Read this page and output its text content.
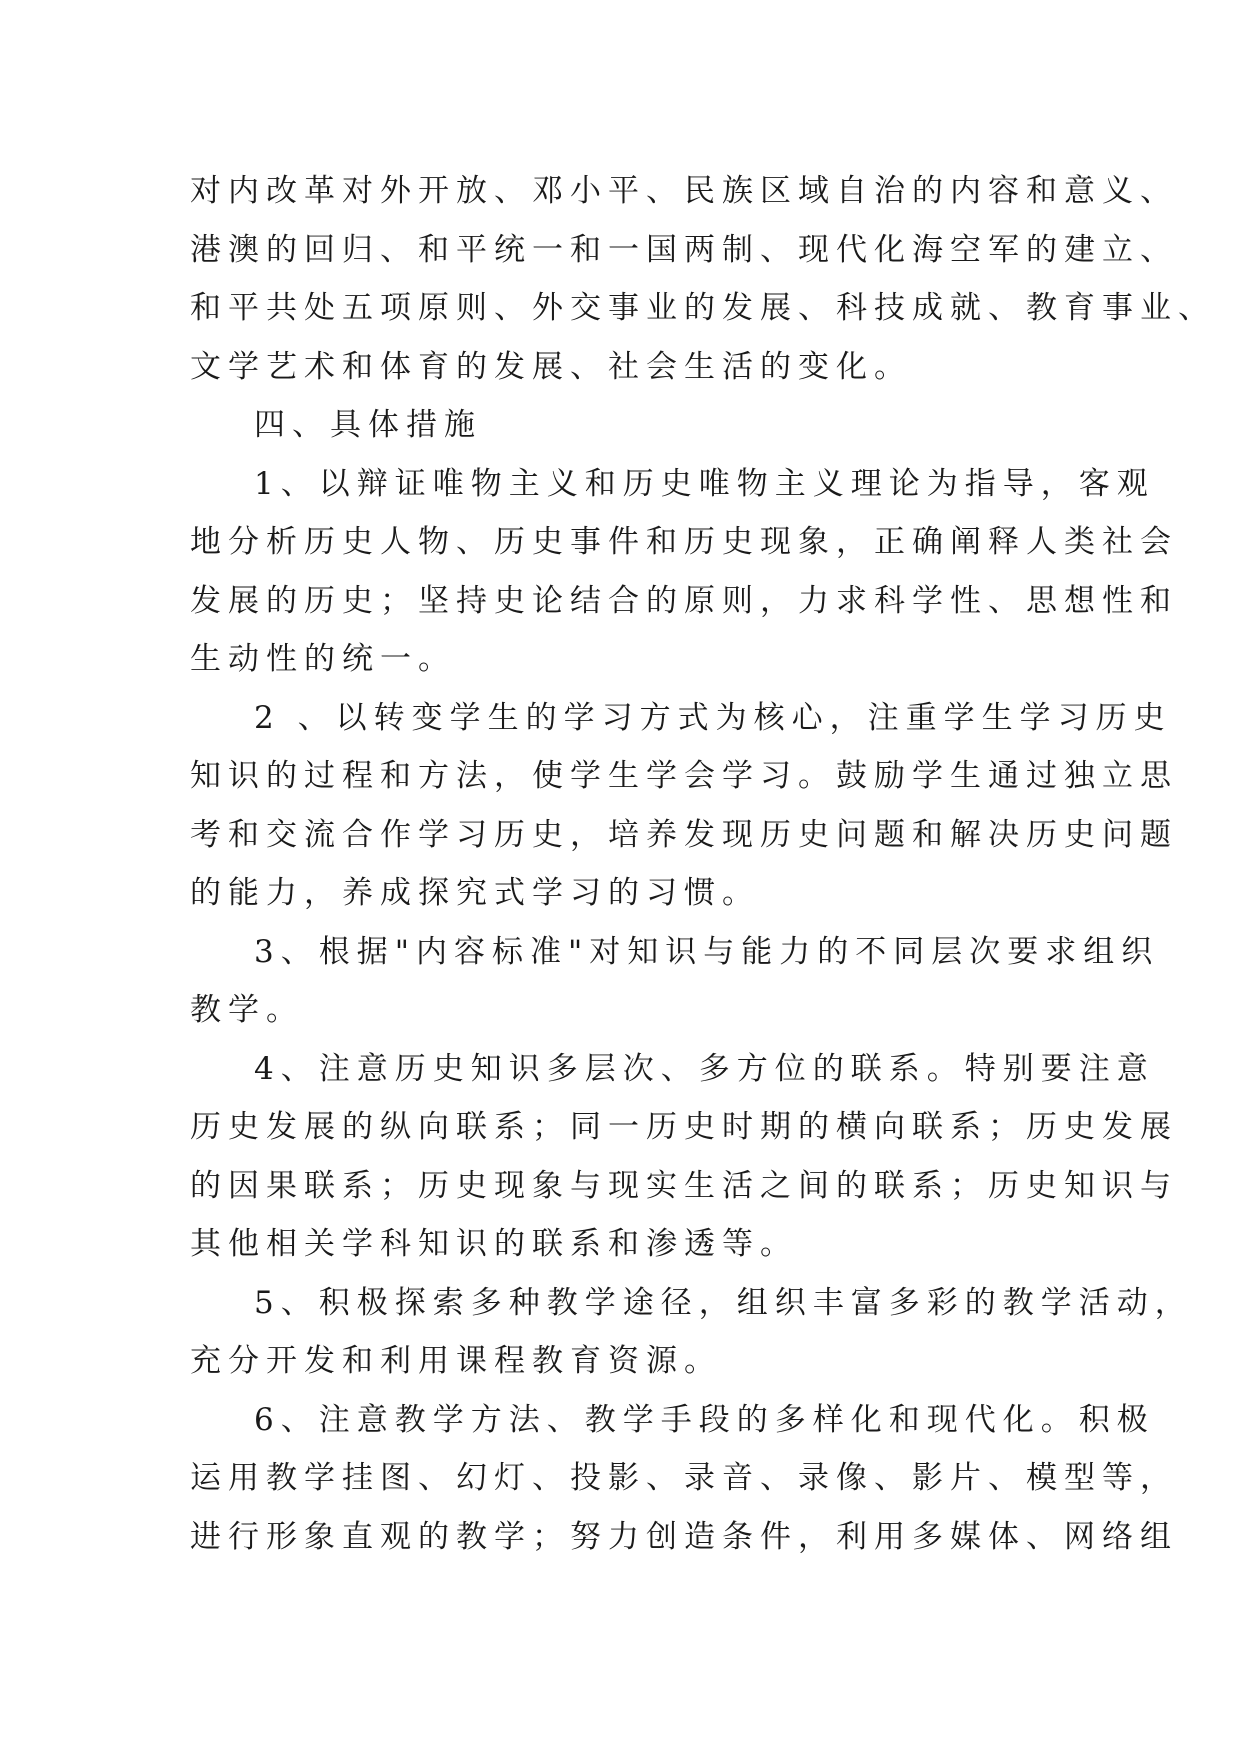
对内改革对外开放、邓小平、民族区域自治的内容和意义、
港澳的回归、和平统一和一国两制、现代化海空军的建立、
和平共处五项原则、外交事业的发展、科技成就、教育事业、
文学艺术和体育的发展、社会生活的变化。
四、具体措施
1、以辩证唯物主义和历史唯物主义理论为指导，客观
地分析历史人物、历史事件和历史现象，正确阐释人类社会
发展的历史；坚持史论结合的原则，力求科学性、思想性和
生动性的统一。
2 、以转变学生的学习方式为核心，注重学生学习历史
知识的过程和方法，使学生学会学习。鼓励学生通过独立思
考和交流合作学习历史，培养发现历史问题和解决历史问题
的能力，养成探究式学习的习惯。
3、根据"内容标准"对知识与能力的不同层次要求组织
教学。
4、注意历史知识多层次、多方位的联系。特别要注意
历史发展的纵向联系；同一历史时期的横向联系；历史发展
的因果联系；历史现象与现实生活之间的联系；历史知识与
其他相关学科知识的联系和渗透等。
5、积极探索多种教学途径，组织丰富多彩的教学活动，
充分开发和利用课程教育资源。
6、注意教学方法、教学手段的多样化和现代化。积极
运用教学挂图、幻灯、投影、录音、录像、影片、模型等，
进行形象直观的教学；努力创造条件，利用多媒体、网络组
